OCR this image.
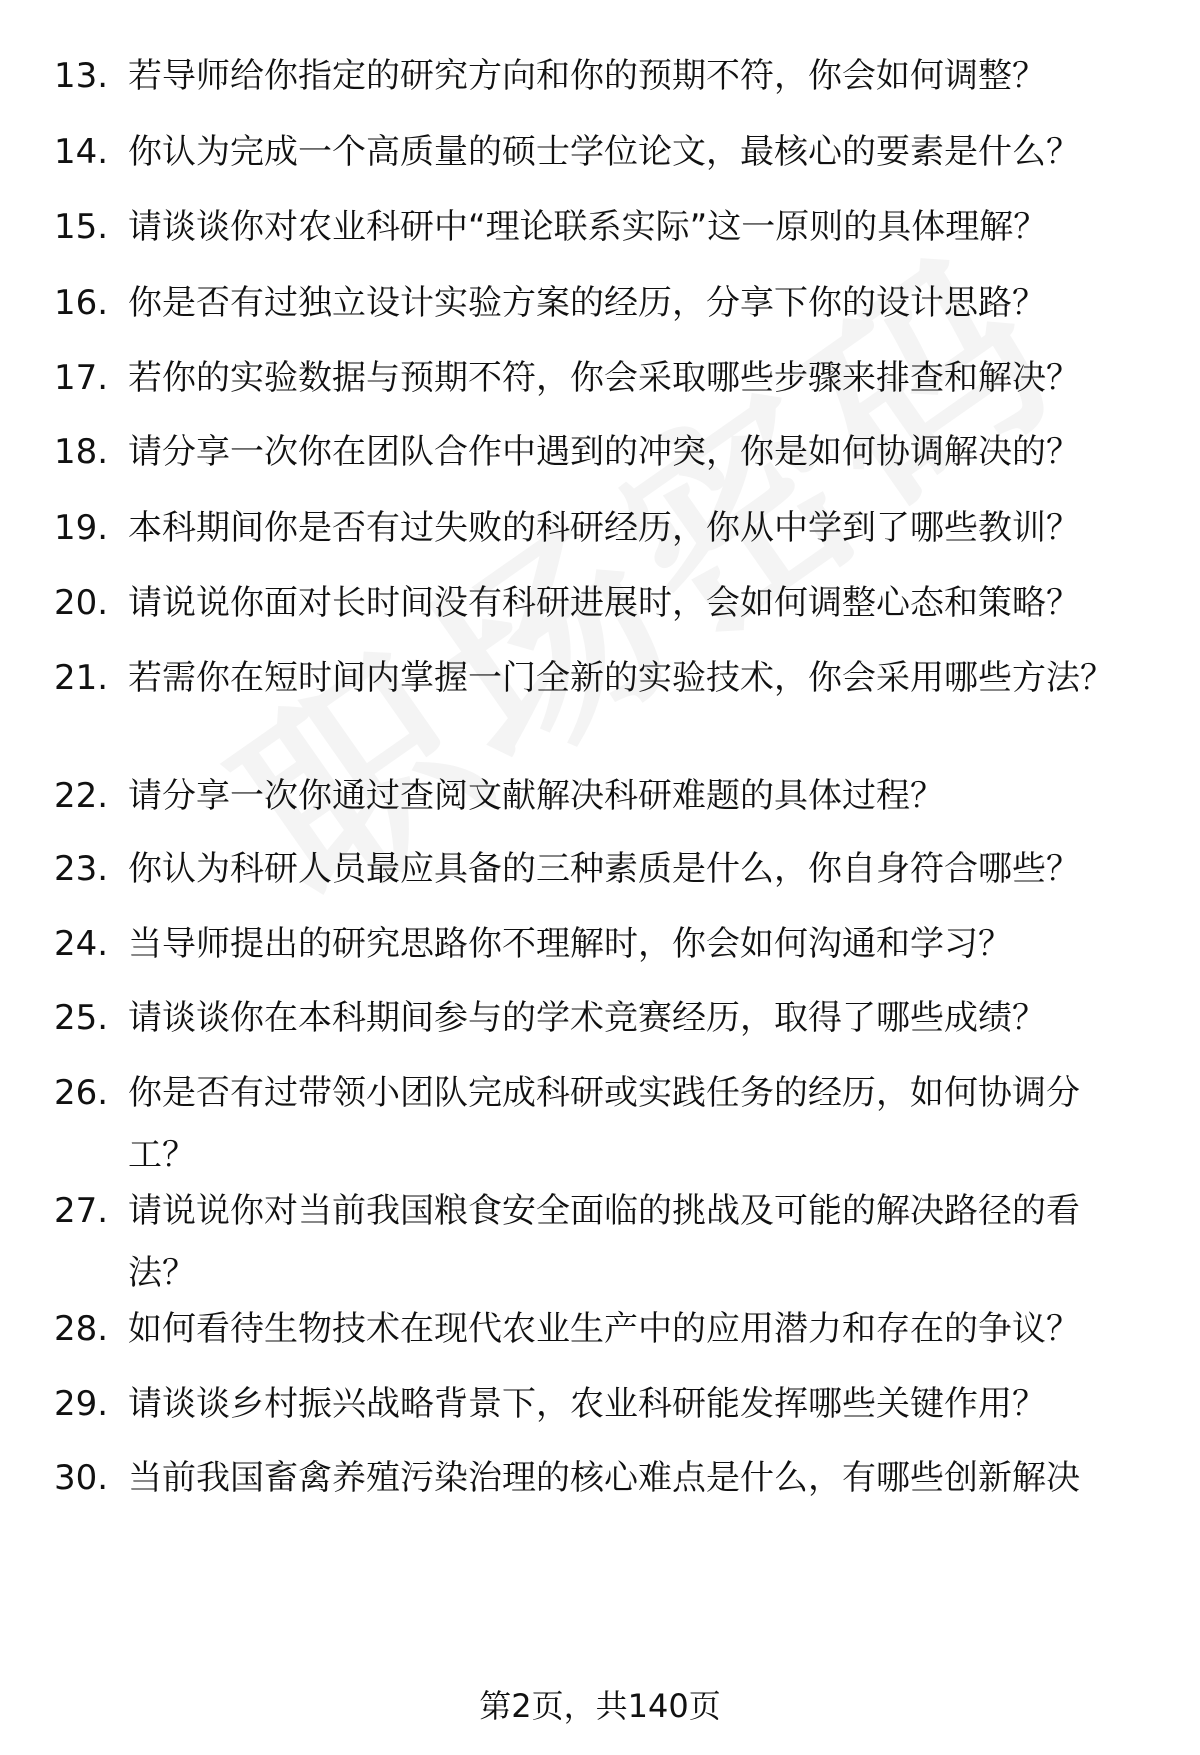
13. 若导师给你指定的研究方向和你的预期不符，你会如何调整？
14. 你认为完成一个高质量的硕士学位论文，最核心的要素是什么？
15. 请谈谈你对农业科研中“理论联系实际”这一原则的具体理解？
16. 你是否有过独立设计实验方案的经历，分享下你的设计思路？
17. 若你的实验数据与预期不符，你会采取哪些步骤来排查和解决？
18. 请分享一次你在团队合作中遇到的冲突，你是如何协调解决的？
19. 本科期间你是否有过失败的科研经历，你从中学到了哪些教训？
20. 请说说你面对长时间没有科研进展时，会如何调整心态和策略？
21. 若需你在短时间内掌握一门全新的实验技术，你会采用哪些方法？
22. 请分享一次你通过查阅文献解决科研难题的具体过程？
23. 你认为科研人员最应具备的三种素质是什么，你自身符合哪些？
24. 当导师提出的研究思路你不理解时，你会如何沟通和学习？
25. 请谈谈你在本科期间参与的学术竞赛经历，取得了哪些成绩？
26. 你是否有过带领小团队完成科研或实践任务的经历，如何协调分工？
27. 请说说你对当前我国粮食安全面临的挑战及可能的解决路径的看法？
28. 如何看待生物技术在现代农业生产中的应用潜力和存在的争议？
29. 请谈谈乡村振兴战略背景下，农业科研能发挥哪些关键作用？
30. 当前我国畜禽养殖污染治理的核心难点是什么，有哪些创新解决
第2页，共140页
